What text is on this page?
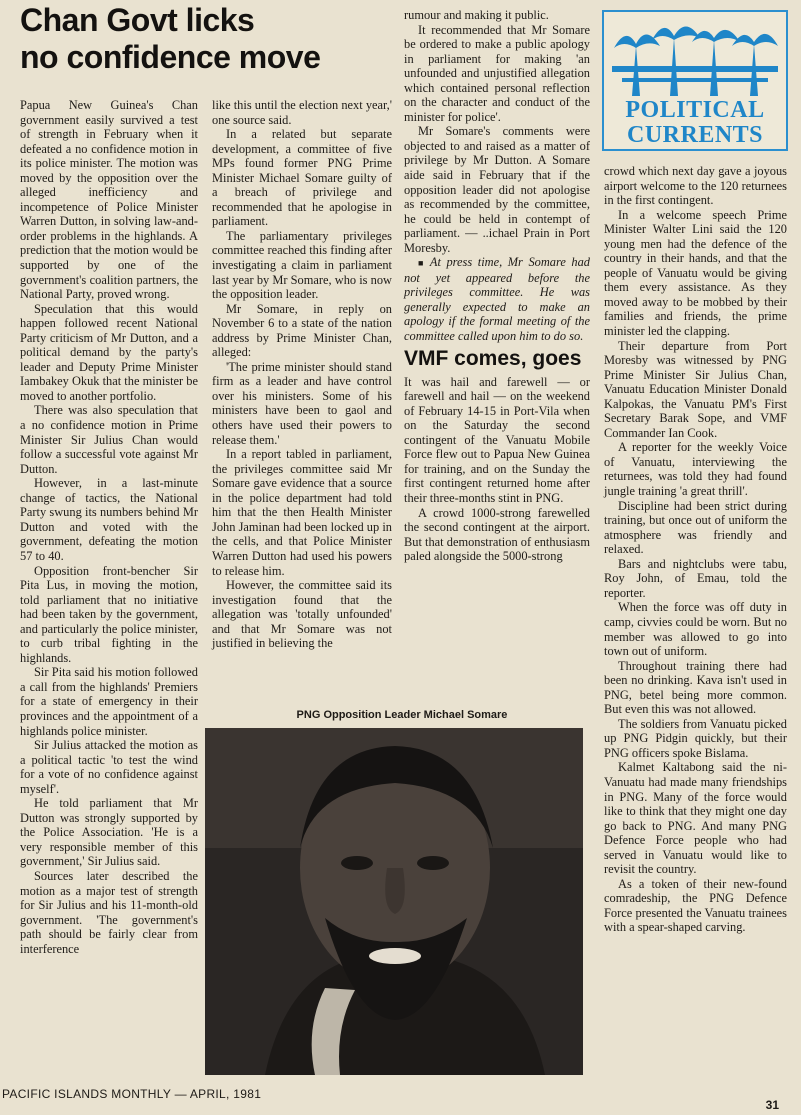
Chan Govt licks
no confidence move

Papua New Guinea's Chan government easily survived a test of strength in February when it defeated a no confidence motion in its police minister. The motion was moved by the opposition over the alleged inefficiency and incompetence of Police Minister Warren Dutton, in solving law-and-order problems in the highlands. A prediction that the motion would be supported by one of the government's coalition partners, the National Party, proved wrong.

Speculation that this would happen followed recent National Party criticism of Mr Dutton, and a political demand by the party's leader and Deputy Prime Minister Iambakey Okuk that the minister be moved to another portfolio.

There was also speculation that a no confidence motion in Prime Minister Sir Julius Chan would follow a successful vote against Mr Dutton.

However, in a last-minute change of tactics, the National Party swung its numbers behind Mr Dutton and voted with the government, defeating the motion 57 to 40.

Opposition front-bencher Sir Pita Lus, in moving the motion, told parliament that no initiative had been taken by the government, and particularly the police minister, to curb tribal fighting in the highlands.

Sir Pita said his motion followed a call from the highlands' Premiers for a state of emergency in their provinces and the appointment of a highlands police minister.

Sir Julius attacked the motion as a political tactic 'to test the wind for a vote of no confidence against myself'.

He told parliament that Mr Dutton was strongly supported by the Police Association. 'He is a very responsible member of this government,' Sir Julius said.

Sources later described the motion as a major test of strength for Sir Julius and his 11-month-old government. 'The government's path should be fairly clear from interference

like this until the election next year,' one source said.

In a related but separate development, a committee of five MPs found former PNG Prime Minister Michael Somare guilty of a breach of privilege and recommended that he apologise in parliament.

The parliamentary privileges committee reached this finding after investigating a claim in parliament last year by Mr Somare, who is now the opposition leader.

Mr Somare, in reply on November 6 to a state of the nation address by Prime Minister Chan, alleged:

'The prime minister should stand firm as a leader and have control over his ministers. Some of his ministers have been to gaol and others have used their powers to release them.'

In a report tabled in parliament, the privileges committee said Mr Somare gave evidence that a source in the police department had told him that the then Health Minister John Jaminan had been locked up in the cells, and that Police Minister Warren Dutton had used his powers to release him.

However, the committee said its investigation found that the allegation was 'totally unfounded' and that Mr Somare was not justified in believing the

rumour and making it public.

It recommended that Mr Somare be ordered to make a public apology in parliament for making 'an unfounded and unjustified allegation which contained personal reflection on the character and conduct of the minister for police'.

Mr Somare's comments were objected to and raised as a matter of privilege by Mr Dutton. A Somare aide said in February that if the opposition leader did not apologise as recommended by the committee, he could be held in contempt of parliament. — ..ichael Prain in Port Moresby.

■ At press time, Mr Somare had not yet appeared before the privileges committee. He was generally expected to make an apology if the formal meeting of the committee called upon him to do so.

VMF comes, goes

It was hail and farewell — or farewell and hail — on the weekend of February 14-15 in Port-Vila when on the Saturday the second contingent of the Vanuatu Mobile Force flew out to Papua New Guinea for training, and on the Sunday the first contingent returned home after their three-months stint in PNG.

A crowd 1000-strong farewelled the second contingent at the airport. But that demonstration of enthusiasm paled alongside the 5000-strong

POLITICAL
CURRENTS

crowd which next day gave a joyous airport welcome to the 120 returnees in the first contingent.

In a welcome speech Prime Minister Walter Lini said the 120 young men had the defence of the country in their hands, and that the people of Vanuatu would be giving them every assistance. As they moved away to be mobbed by their families and friends, the prime minister led the clapping.

Their departure from Port Moresby was witnessed by PNG Prime Minister Sir Julius Chan, Vanuatu Education Minister Donald Kalpokas, the Vanuatu PM's First Secretary Barak Sope, and VMF Commander Ian Cook.

A reporter for the weekly Voice of Vanuatu, interviewing the returnees, was told they had found jungle training 'a great thrill'.

Discipline had been strict during training, but once out of uniform the atmosphere was friendly and relaxed.

Bars and nightclubs were tabu, Roy John, of Emau, told the reporter.

When the force was off duty in camp, civvies could be worn. But no member was allowed to go into town out of uniform.

Throughout training there had been no drinking. Kava isn't used in PNG, betel being more common. But even this was not allowed.

The soldiers from Vanuatu picked up PNG Pidgin quickly, but their PNG officers spoke Bislama.

Kalmet Kaltabong said the ni-Vanuatu had made many friendships in PNG. Many of the force would like to think that they might one day go back to PNG. And many PNG Defence Force people who had served in Vanuatu would like to revisit the country.

As a token of their new-found comradeship, the PNG Defence Force presented the Vanuatu trainees with a spear-shaped carving.

PNG Opposition Leader Michael Somare
PACIFIC ISLANDS MONTHLY — APRIL, 1981
31
